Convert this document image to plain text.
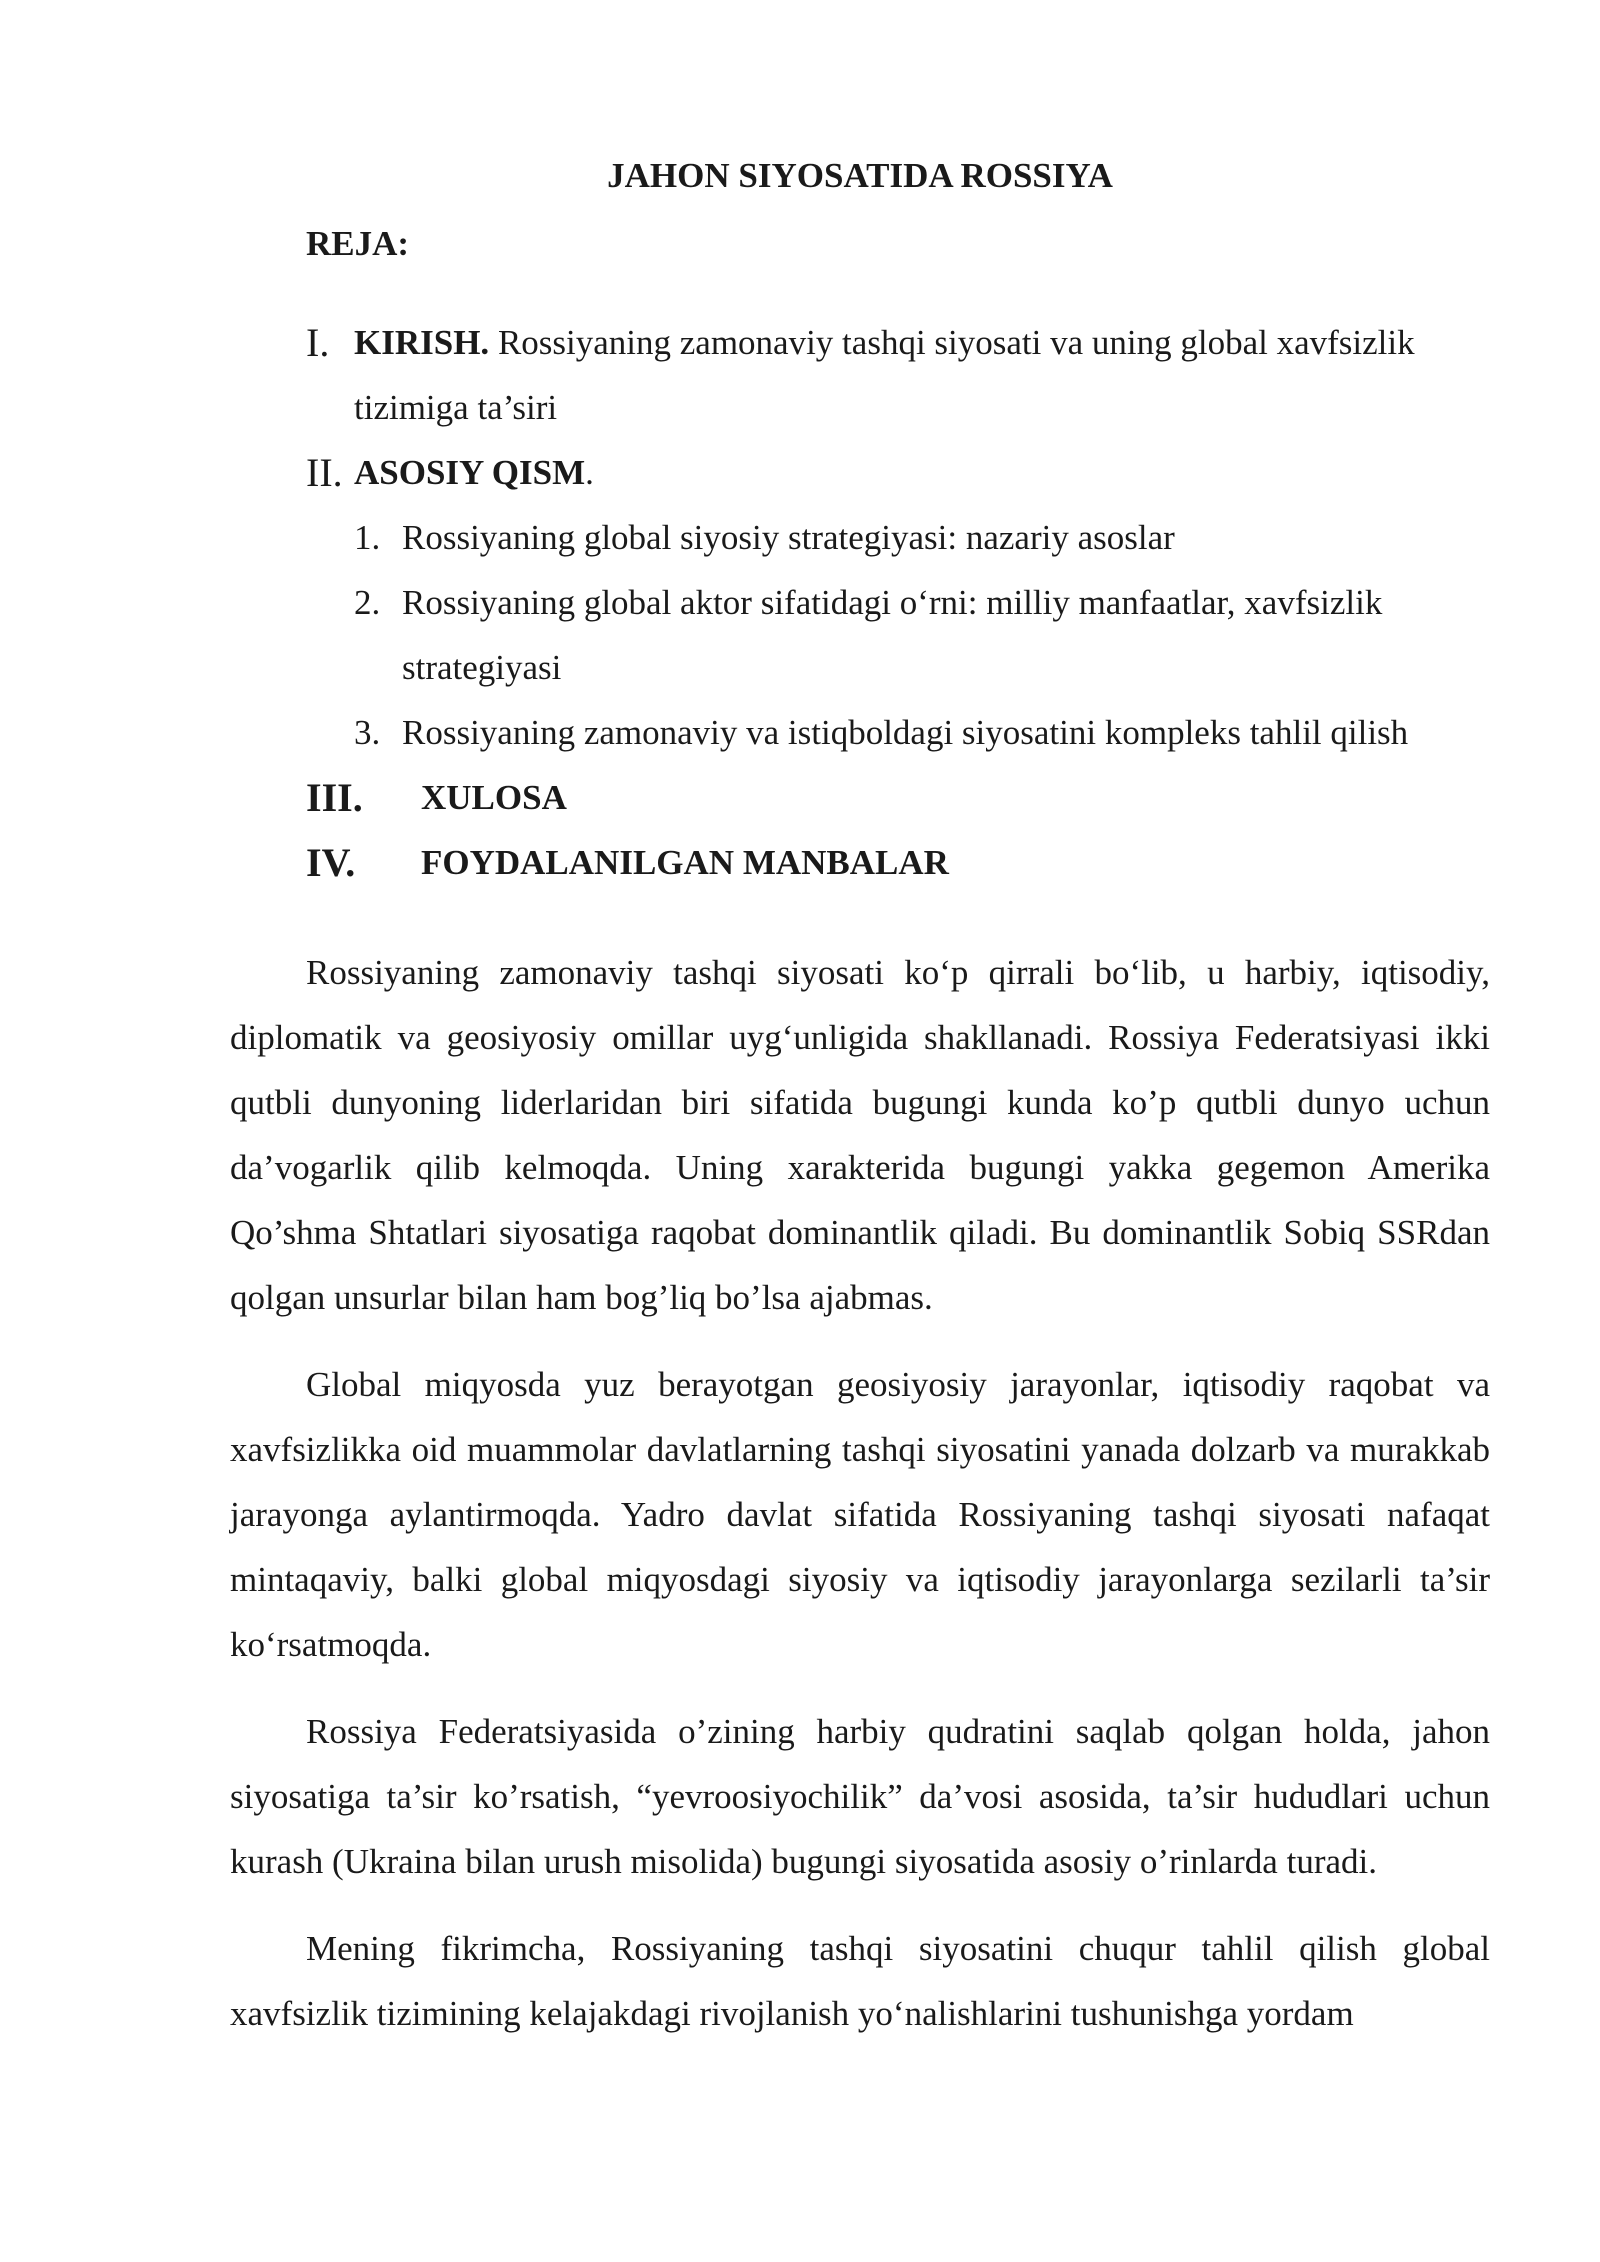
JAHON SIYOSATIDA ROSSIYA
REJA:
I. KIRISH. Rossiyaning zamonaviy tashqi siyosati va uning global xavfsizlik tizimiga ta’siri
II. ASOSIY QISM.
1. Rossiyaning global siyosiy strategiyasi: nazariy asoslar
2. Rossiyaning global aktor sifatidagi o‘rni: milliy manfaatlar, xavfsizlik strategiyasi
3. Rossiyaning zamonaviy va istiqboldagi siyosatini kompleks tahlil qilish
III. XULOSA
IV. FOYDALANILGAN MANBALAR

Rossiyaning zamonaviy tashqi siyosati ko‘p qirrali bo‘lib, u harbiy, iqtisodiy, diplomatik va geosiyosiy omillar uyg‘unligida shakllanadi. Rossiya Federatsiyasi ikki qutbli dunyoning liderlaridan biri sifatida bugungi kunda ko’p qutbli dunyo uchun da’vogarlik qilib kelmoqda. Uning xarakterida bugungi yakka gegemon Amerika Qo’shma Shtatlari siyosatiga raqobat dominantlik qiladi. Bu dominantlik Sobiq SSRdan qolgan unsurlar bilan ham bog’liq bo’lsa ajabmas.

Global miqyosda yuz berayotgan geosiyosiy jarayonlar, iqtisodiy raqobat va xavfsizlikka oid muammolar davlatlarning tashqi siyosatini yanada dolzarb va murakkab jarayonga aylantirmoqda. Yadro davlat sifatida Rossiyaning tashqi siyosati nafaqat mintaqaviy, balki global miqyosdagi siyosiy va iqtisodiy jarayonlarga sezilarli ta’sir ko‘rsatmoqda.

Rossiya Federatsiyasida o’zining harbiy qudratini saqlab qolgan holda, jahon siyosatiga ta’sir ko’rsatish, “yevroosiyochilik” da’vosi asosida, ta’sir hududlari uchun kurash (Ukraina bilan urush misolida) bugungi siyosatida asosiy o’rinlarda turadi.

Mening fikrimcha, Rossiyaning tashqi siyosatini chuqur tahlil qilish global xavfsizlik tizimining kelajakdagi rivojlanish yo‘nalishlarini tushunishga yordam
